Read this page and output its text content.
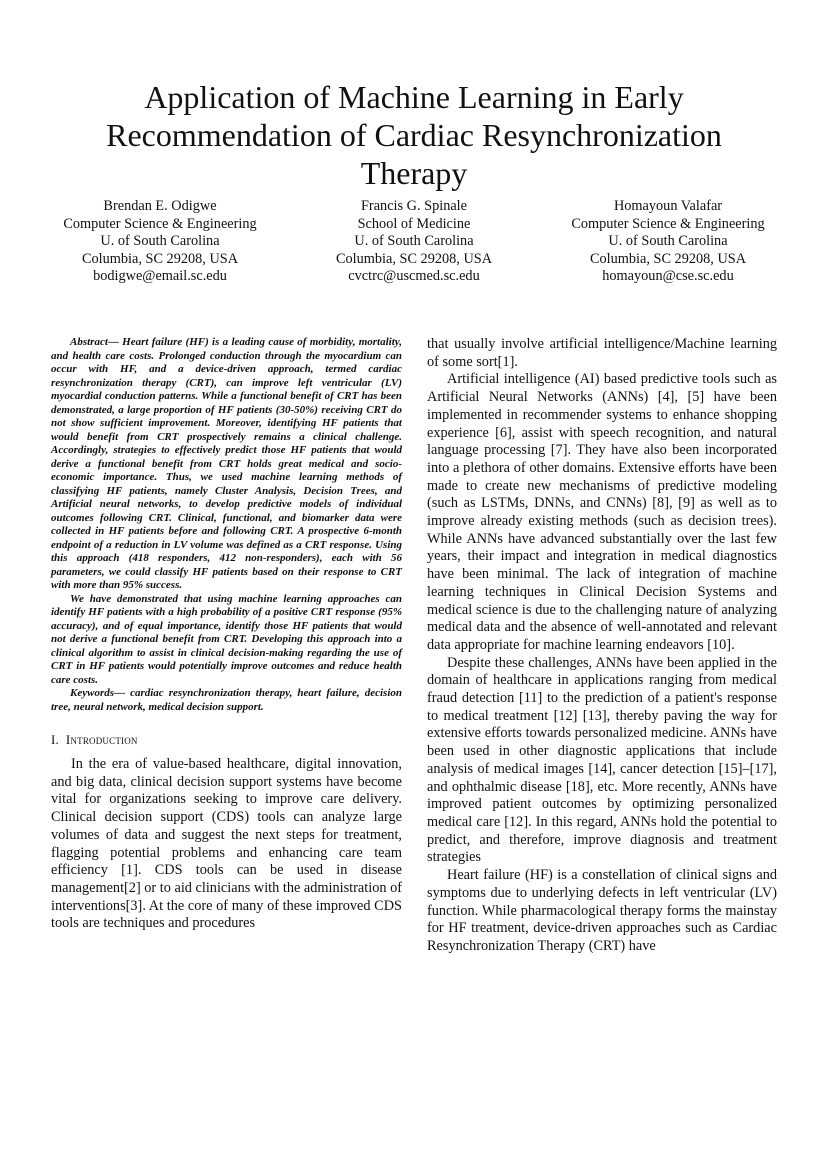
Application of Machine Learning in Early Recommendation of Cardiac Resynchronization Therapy
Brendan E. Odigwe
Computer Science & Engineering
U. of South Carolina
Columbia, SC 29208, USA
bodigwe@email.sc.edu
Francis G. Spinale
School of Medicine
U. of South Carolina
Columbia, SC 29208, USA
cvctrc@uscmed.sc.edu
Homayoun Valafar
Computer Science & Engineering
U. of South Carolina
Columbia, SC 29208, USA
homayoun@cse.sc.edu

Abstract— Heart failure (HF) is a leading cause of morbidity, mortality, and health care costs. Prolonged conduction through the myocardium can occur with HF, and a device-driven approach, termed cardiac resynchronization therapy (CRT), can improve left ventricular (LV) myocardial conduction patterns. While a functional benefit of CRT has been demonstrated, a large proportion of HF patients (30-50%) receiving CRT do not show sufficient improvement. Moreover, identifying HF patients that would benefit from CRT prospectively remains a clinical challenge. Accordingly, strategies to effectively predict those HF patients that would derive a functional benefit from CRT holds great medical and socio-economic importance. Thus, we used machine learning methods of classifying HF patients, namely Cluster Analysis, Decision Trees, and Artificial neural networks, to develop predictive models of individual outcomes following CRT. Clinical, functional, and biomarker data were collected in HF patients before and following CRT. A prospective 6-month endpoint of a reduction in LV volume was defined as a CRT response. Using this approach (418 responders, 412 non-responders), each with 56 parameters, we could classify HF patients based on their response to CRT with more than 95% success.

We have demonstrated that using machine learning approaches can identify HF patients with a high probability of a positive CRT response (95% accuracy), and of equal importance, identify those HF patients that would not derive a functional benefit from CRT. Developing this approach into a clinical algorithm to assist in clinical decision-making regarding the use of CRT in HF patients would potentially improve outcomes and reduce health care costs.

Keywords— cardiac resynchronization therapy, heart failure, decision tree, neural network, medical decision support.

I. Introduction

In the era of value-based healthcare, digital innovation, and big data, clinical decision support systems have become vital for organizations seeking to improve care delivery. Clinical decision support (CDS) tools can analyze large volumes of data and suggest the next steps for treatment, flagging potential problems and enhancing care team efficiency [1]. CDS tools can be used in disease management[2] or to aid clinicians with the administration of interventions[3]. At the core of many of these improved CDS tools are techniques and procedures

that usually involve artificial intelligence/Machine learning of some sort[1].

Artificial intelligence (AI) based predictive tools such as Artificial Neural Networks (ANNs) [4], [5] have been implemented in recommender systems to enhance shopping experience [6], assist with speech recognition, and natural language processing [7]. They have also been incorporated into a plethora of other domains. Extensive efforts have been made to create new mechanisms of predictive modeling (such as LSTMs, DNNs, and CNNs) [8], [9] as well as to improve already existing methods (such as decision trees). While ANNs have advanced substantially over the last few years, their impact and integration in medical diagnostics have been minimal. The lack of integration of machine learning techniques in Clinical Decision Systems and medical science is due to the challenging nature of analyzing medical data and the absence of well-annotated and relevant data appropriate for machine learning endeavors [10].

Despite these challenges, ANNs have been applied in the domain of healthcare in applications ranging from medical fraud detection [11] to the prediction of a patient's response to medical treatment [12] [13], thereby paving the way for extensive efforts towards personalized medicine. ANNs have been used in other diagnostic applications that include analysis of medical images [14], cancer detection [15]–[17], and ophthalmic disease [18], etc. More recently, ANNs have improved patient outcomes by optimizing personalized medical care [12]. In this regard, ANNs hold the potential to predict, and therefore, improve diagnosis and treatment strategies

Heart failure (HF) is a constellation of clinical signs and symptoms due to underlying defects in left ventricular (LV) function. While pharmacological therapy forms the mainstay for HF treatment, device-driven approaches such as Cardiac Resynchronization Therapy (CRT) have
